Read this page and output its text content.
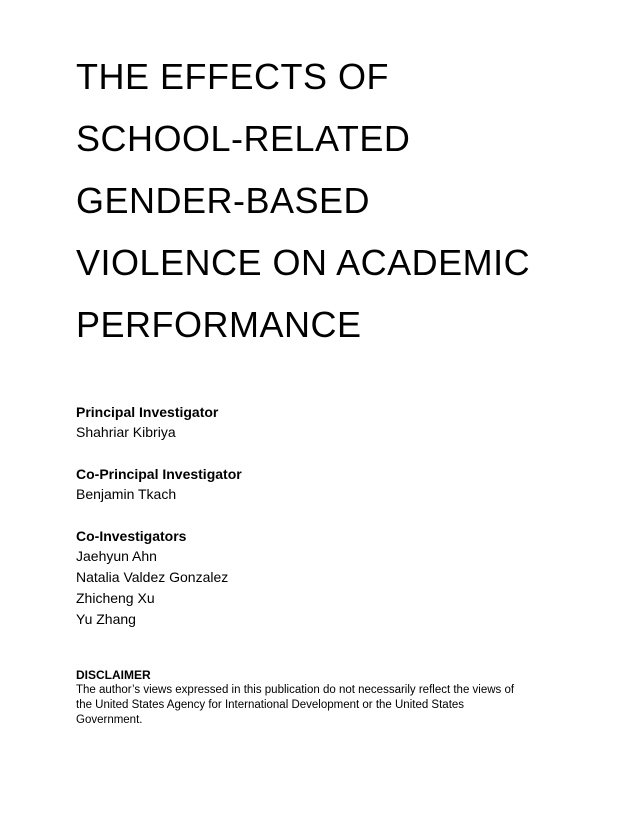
THE EFFECTS OF
SCHOOL-RELATED
GENDER-BASED
VIOLENCE ON ACADEMIC
PERFORMANCE
Principal Investigator
Shahriar Kibriya
Co-Principal Investigator
Benjamin Tkach
Co-Investigators
Jaehyun Ahn
Natalia Valdez Gonzalez
Zhicheng Xu
Yu Zhang
DISCLAIMER
The author’s views expressed in this publication do not necessarily reflect the views of
the United States Agency for International Development or the United States
Government.
